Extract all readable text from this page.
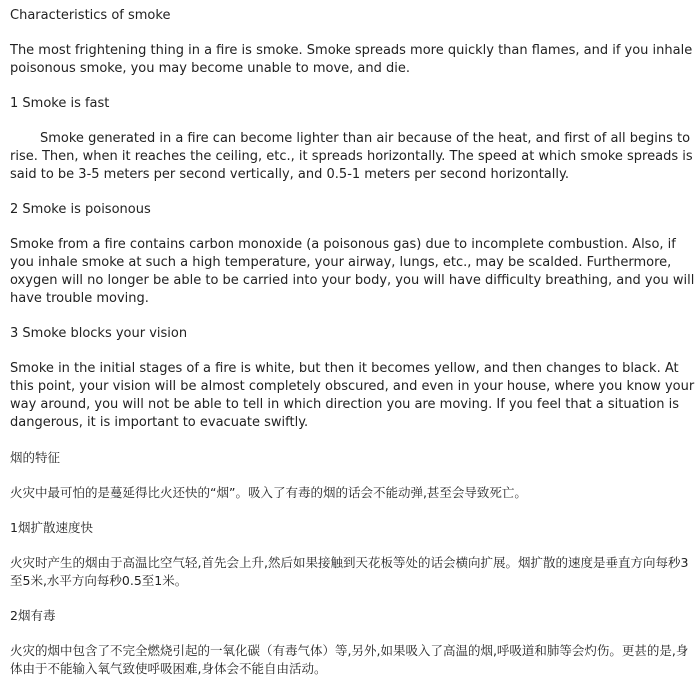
Characteristics of smoke

The most frightening thing in a fire is smoke. Smoke spreads more quickly than flames, and if you inhale poisonous smoke, you may become unable to move, and die.

1 Smoke is fast

Smoke generated in a fire can become lighter than air because of the heat, and first of all begins to rise. Then, when it reaches the ceiling, etc., it spreads horizontally. The speed at which smoke spreads is said to be 3-5 meters per second vertically, and 0.5-1 meters per second horizontally.

2 Smoke is poisonous

Smoke from a fire contains carbon monoxide (a poisonous gas) due to incomplete combustion. Also, if you inhale smoke at such a high temperature, your airway, lungs, etc., may be scalded. Furthermore, oxygen will no longer be able to be carried into your body, you will have difficulty breathing, and you will have trouble moving.

3 Smoke blocks your vision

Smoke in the initial stages of a fire is white, but then it becomes yellow, and then changes to black. At this point, your vision will be almost completely obscured, and even in your house, where you know your way around, you will not be able to tell in which direction you are moving. If you feel that a situation is dangerous, it is important to evacuate swiftly.

烟的特征

火灾中最可怕的是蔓延得比火还快的“烟”。吸入了有毒的烟的话会不能动弹,甚至会导致死亡。

1烟扩散速度快

火灾时产生的烟由于高温比空气轻,首先会上升,然后如果接触到天花板等处的话会横向扩展。烟扩散的速度是垂直方向每秒3至5米,水平方向每秒0.5至1米。

2烟有毒

火灾的烟中包含了不完全燃烧引起的一氧化碳（有毒气体）等,另外,如果吸入了高温的烟,呼吸道和肺等会灼伤。更甚的是,身体由于不能输入氧气致使呼吸困难,身体会不能自由活动。
